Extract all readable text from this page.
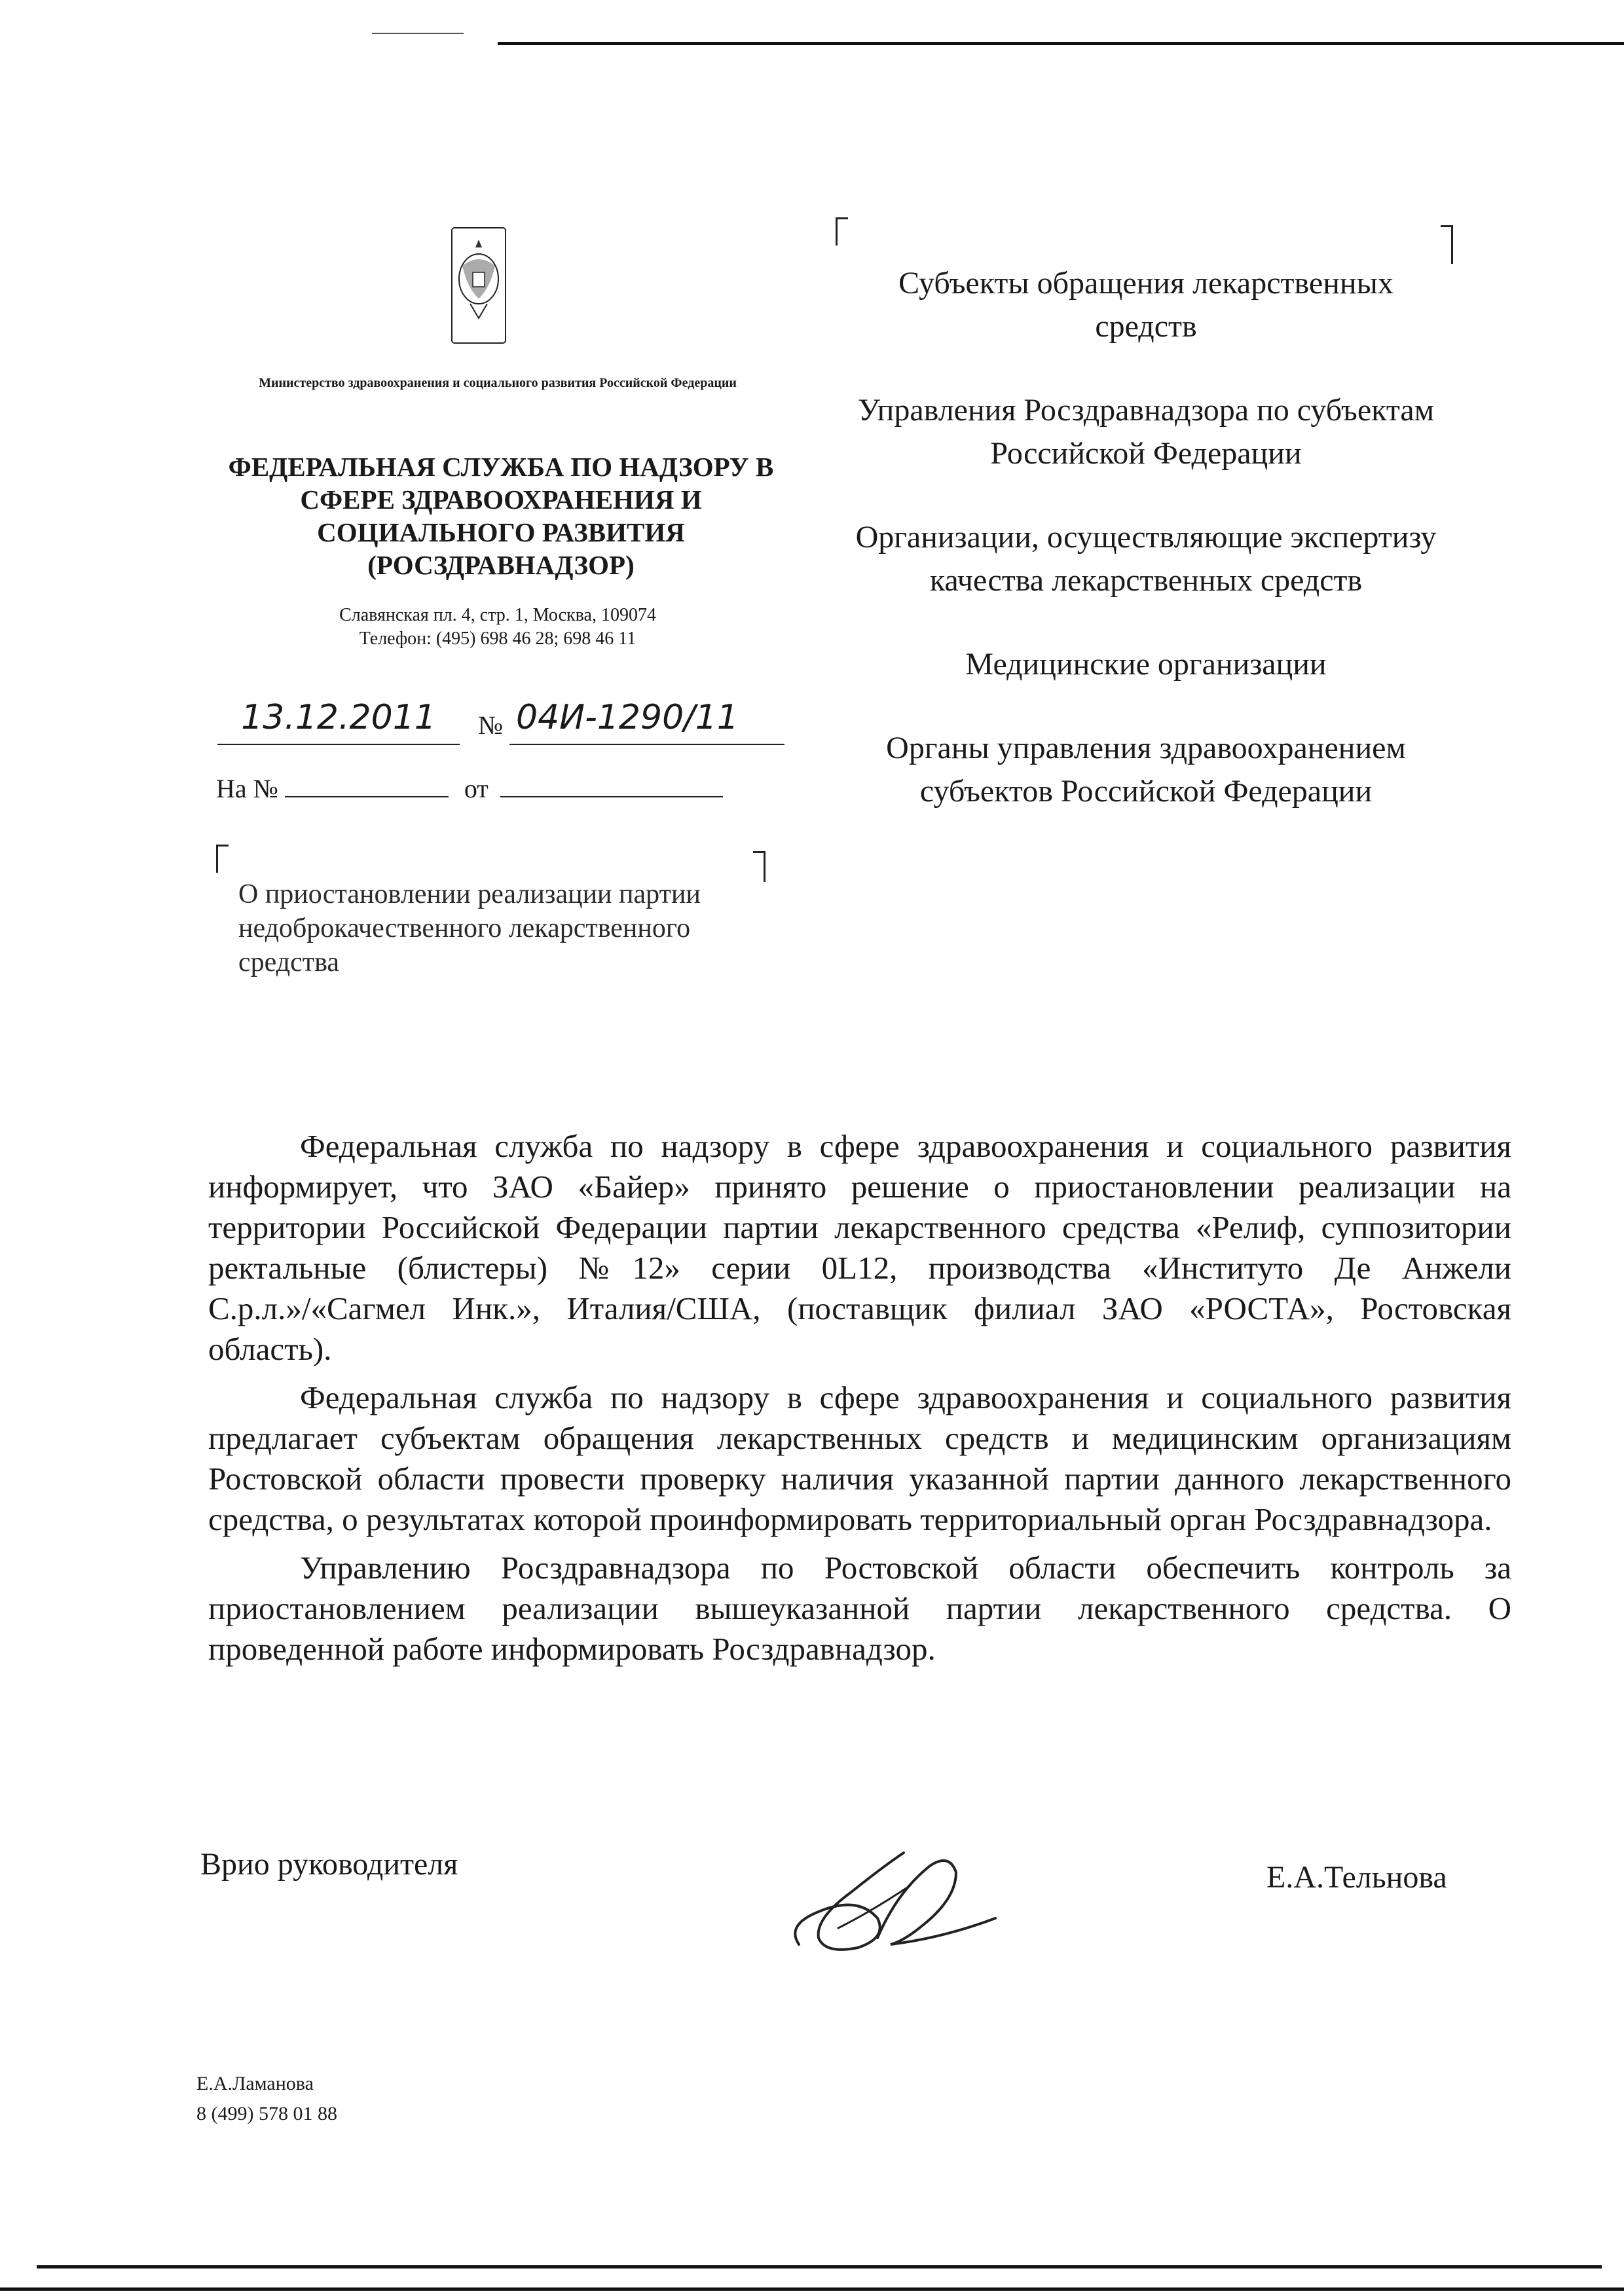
Министерство здравоохранения и социального развития Российской Федерации
ФЕДЕРАЛЬНАЯ СЛУЖБА ПО НАДЗОРУ В СФЕРЕ ЗДРАВООХРАНЕНИЯ И СОЦИАЛЬНОГО РАЗВИТИЯ (РОСЗДРАВНАДЗОР)
Славянская пл. 4, стр. 1, Москва, 109074
Телефон: (495) 698 46 28; 698 46 11
13.12.2011	№ 04И-1290/11
На №	от
О приостановлении реализации партии недоброкачественного лекарственного средства
Субъекты обращения лекарственных средств
Управления Росздравнадзора по субъектам Российской Федерации
Организации, осуществляющие экспертизу качества лекарственных средств
Медицинские организации
Органы управления здравоохранением субъектов Российской Федерации

Федеральная служба по надзору в сфере здравоохранения и социального развития информирует, что ЗАО «Байер» принято решение о приостановлении реализации на территории Российской Федерации партии лекарственного средства «Релиф, суппозитории ректальные (блистеры) №12» серии 0L12, производства «Институто Де Анжели С.р.л.»/«Сагмел Инк.», Италия/США, (поставщик филиал ЗАО «РОСТА», Ростовская область).

Федеральная служба по надзору в сфере здравоохранения и социального развития предлагает субъектам обращения лекарственных средств и медицинским организациям Ростовской области провести проверку наличия указанной партии данного лекарственного средства, о результатах которой проинформировать территориальный орган Росздравнадзора.

Управлению Росздравнадзора по Ростовской области обеспечить контроль за приостановлением реализации вышеуказанной партии лекарственного средства. О проведенной работе информировать Росздравнадзор.

Врио руководителя	Е.А.Тельнова
Е.А.Ламанова
8 (499) 578 01 88
